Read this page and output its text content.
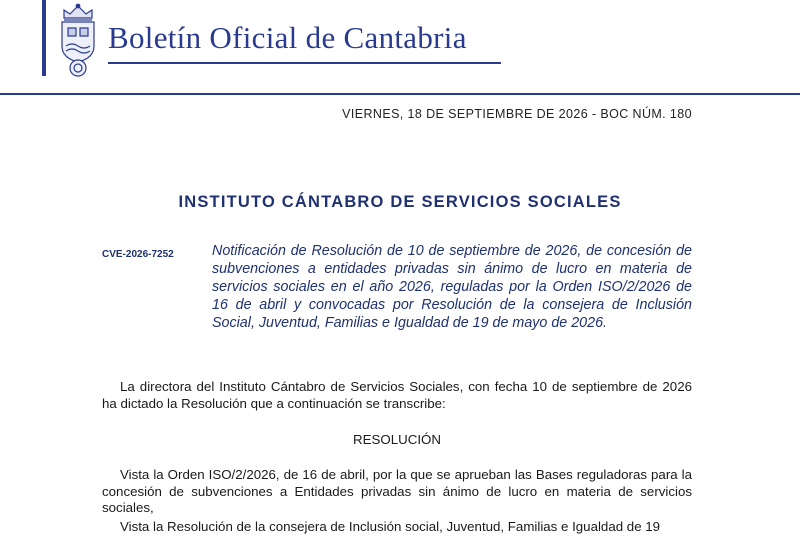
Boletín Oficial de Cantabria
VIERNES, 18 DE SEPTIEMBRE DE 2026 - BOC NÚM. 180
INSTITUTO CÁNTABRO DE SERVICIOS SOCIALES
CVE-2026-7252	Notificación de Resolución de 10 de septiembre de 2026, de concesión de subvenciones a entidades privadas sin ánimo de lucro en materia de servicios sociales en el año 2026, reguladas por la Orden ISO/2/2026 de 16 de abril y convocadas por Resolución de la consejera de Inclusión Social, Juventud, Familias e Igualdad de 19 de mayo de 2026.

La directora del Instituto Cántabro de Servicios Sociales, con fecha 10 de septiembre de 2026 ha dictado la Resolución que a continuación se transcribe:

RESOLUCIÓN

Vista la Orden ISO/2/2026, de 16 de abril, por la que se aprueban las Bases reguladoras para la concesión de subvenciones a Entidades privadas sin ánimo de lucro en materia de servicios sociales,

Vista la Resolución de la consejera de Inclusión social, Juventud, Familias e Igualdad de 19
